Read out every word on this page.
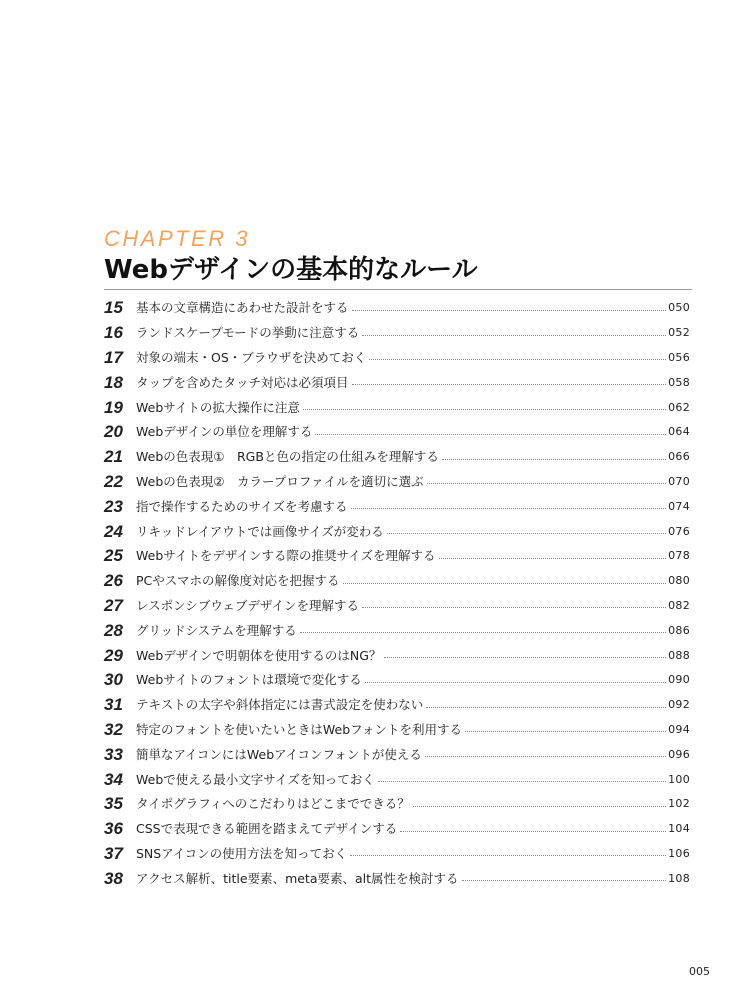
CHAPTER 3
Webデザインの基本的なルール
15	基本の文章構造にあわせた設計をする	050
16	ランドスケープモードの挙動に注意する	052
17	対象の端末・OS・ブラウザを決めておく	056
18	タップを含めたタッチ対応は必須項目	058
19	Webサイトの拡大操作に注意	062
20	Webデザインの単位を理解する	064
21	Webの色表現①　RGBと色の指定の仕組みを理解する	066
22	Webの色表現②　カラープロファイルを適切に選ぶ	070
23	指で操作するためのサイズを考慮する	074
24	リキッドレイアウトでは画像サイズが変わる	076
25	Webサイトをデザインする際の推奨サイズを理解する	078
26	PCやスマホの解像度対応を把握する	080
27	レスポンシブウェブデザインを理解する	082
28	グリッドシステムを理解する	086
29	Webデザインで明朝体を使用するのはNG？	088
30	Webサイトのフォントは環境で変化する	090
31	テキストの太字や斜体指定には書式設定を使わない	092
32	特定のフォントを使いたいときはWebフォントを利用する	094
33	簡単なアイコンにはWebアイコンフォントが使える	096
34	Webで使える最小文字サイズを知っておく	100
35	タイポグラフィへのこだわりはどこまでできる？	102
36	CSSで表現できる範囲を踏まえてデザインする	104
37	SNSアイコンの使用方法を知っておく	106
38	アクセス解析、title要素、meta要素、alt属性を検討する	108
005
